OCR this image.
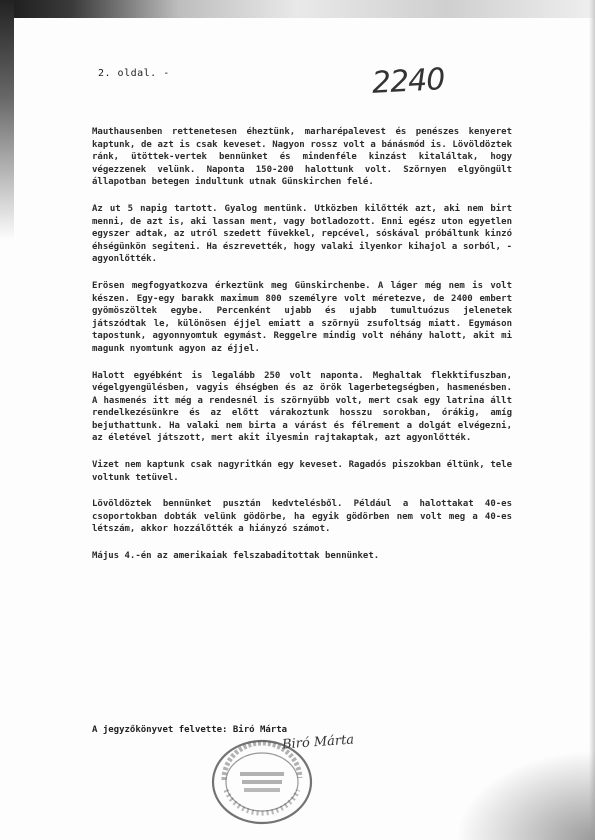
2. oldal. -	2240

Mauthausenben rettenetesen éheztünk, marharépalevest és penészes kenyeret kaptunk, de azt is csak keveset. Nagyon rossz volt a bánásmód is. Lövöldöztek ránk, ütöttek-vertek bennünket és mindenféle kinzást kitaláltak, hogy végezzenek velünk. Naponta 150-200 halottunk volt. Szörnyen elgyöngült állapotban betegen indultunk utnak Günskirchen felé.

Az ut 5 napig tartott. Gyalog mentünk. Utközben kilőtték azt, aki nem birt menni, de azt is, aki lassan ment, vagy botladozott. Enni egész uton egyetlen egyszer adtak, az utról szedett füvekkel, repcével, sóskával próbáltunk kinzó éhségünkön segiteni. Ha észrevették, hogy valaki ilyenkor kihajol a sorból, - agyonlőtték.

Erösen megfogyatkozva érkeztünk meg Günskirchenbe. A láger még nem is volt készen. Egy-egy barakk maximum 800 személyre volt méretezve, de 2400 embert gyömöszöltek egybe. Percenként ujabb és ujabb tumultuózus jelenetek játszódtak le, különösen éjjel emiatt a szörnyü zsufoltság miatt. Egymáson tapostunk, agyonnyomtuk egymást. Reggelre mindig volt néhány halott, akit mi magunk nyomtunk agyon az éjjel.

Halott egyébként is legalább 250 volt naponta. Meghaltak flekktifuszban, végelgyengülésben, vagyis éhségben és az örök lagerbetegségben, hasmenésben. A hasmenés itt még a rendesnél is szörnyübb volt, mert csak egy latrina állt rendelkezésünkre és az előtt várakoztunk hosszu sorokban, órákig, amíg bejuthattunk. Ha valaki nem birta a várást és félrement a dolgát elvégezni, az életével játszott, mert akit ilyesmin rajtakaptak, azt agyonlőtték.

Vizet nem kaptunk csak nagyritkán egy keveset. Ragadós piszokban éltünk, tele voltunk tetüvel.

Lövöldöztek bennünket pusztán kedvtelésből. Például a halottakat 40-es csoportokban dobták velünk gödörbe, ha egyik gödörben nem volt meg a 40-es létszám, akkor hozzálőtték a hiányzó számot.

Május 4.-én az amerikaiak felszabaditottak bennünket.

A jegyzőkönyvet felvette: Biró Márta
Biró Márta
